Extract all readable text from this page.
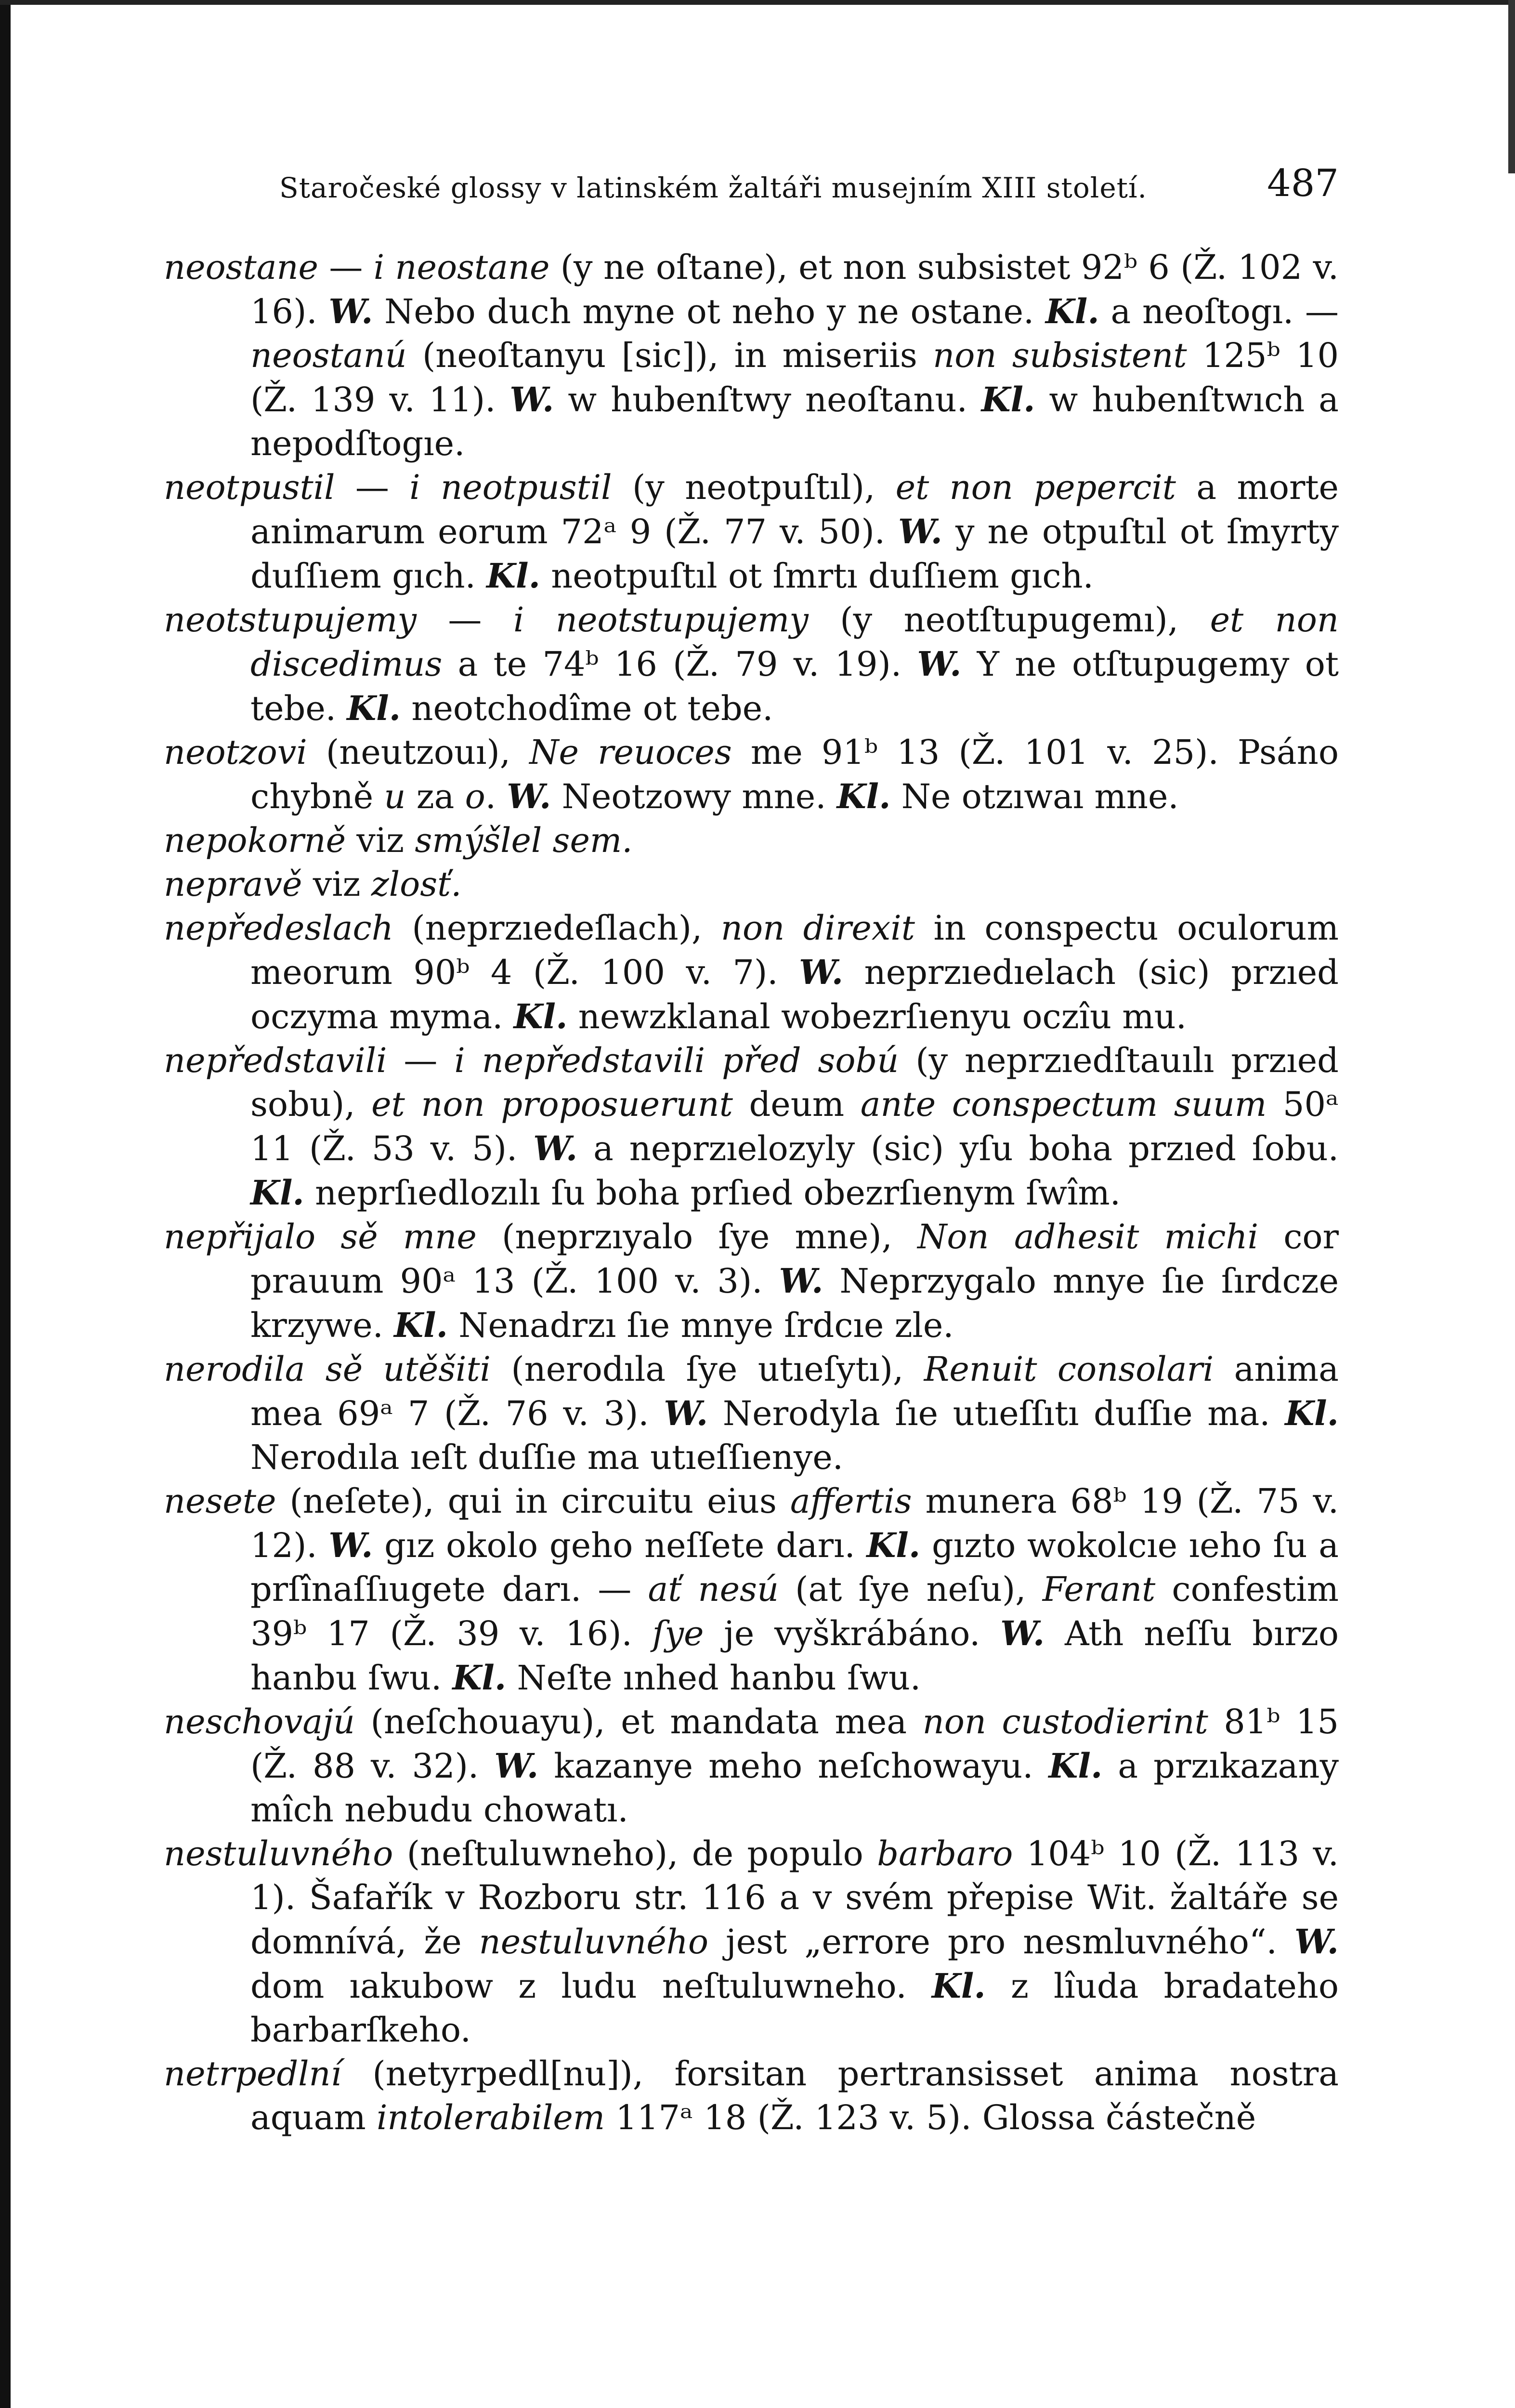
Staročeské glossy v latinském žaltáři musejním XIII století.	487

neostane — i neostane (y ne oſtane), et non subsistet 92ᵇ 6 (Ž. 102 v. 16). W. Nebo duch myne ot neho y ne ostane. Kl. a neoſtogı. — neostanú (neoſtanyu [sic]), in miseriis non subsistent 125ᵇ 10 (Ž. 139 v. 11). W. w hubenſtwy neoſtanu. Kl. w hubenſtwıch a nepodſtogıe.

neotpustil — i neotpustil (y neotpuſtıl), et non pepercit a morte animarum eorum 72ᵃ 9 (Ž. 77 v. 50). W. y ne otpuſtıl ot ſmyrty duſſıem gıch. Kl. neotpuſtıl ot ſmrtı duſſıem gıch.

neotstupujemy — i neotstupujemy (y neotſtupugemı), et non discedimus a te 74ᵇ 16 (Ž. 79 v. 19). W. Y ne otſtupugemy ot tebe. Kl. neotchodîme ot tebe.

neotzovi (neutzouı), Ne reuoces me 91ᵇ 13 (Ž. 101 v. 25). Psáno chybně u za o. W. Neotzowy mne. Kl. Ne otzıwaı mne.

nepokorně viz smýšlel sem.

nepravě viz zlosť.

nepředeslach (neprzıedeſlach), non direxit in conspectu oculorum meorum 90ᵇ 4 (Ž. 100 v. 7). W. neprzıedıelach (sic) przıed oczyma myma. Kl. newzklanal wobezrſıenyu oczîu mu.

nepředstavili — i nepředstavili před sobú (y neprzıedſtauılı przıed sobu), et non proposuerunt deum ante conspectum suum 50ᵃ 11 (Ž. 53 v. 5). W. a neprzıelozyly (sic) yſu boha przıed ſobu. Kl. neprſıedlozılı ſu boha prſıed obezrſıenym ſwîm.

nepřijalo sě mne (neprzıyalo ſye mne), Non adhesit michi cor prauum 90ᵃ 13 (Ž. 100 v. 3). W. Neprzygalo mnye ſıe ſırdcze krzywe. Kl. Nenadrzı ſıe mnye ſrdcıe zle.

nerodila sě utěšiti (nerodıla ſye utıeſytı), Renuit consolari anima mea 69ᵃ 7 (Ž. 76 v. 3). W. Nerodyla ſıe utıeſſıtı duſſıe ma. Kl. Nerodıla ıeſt duſſıe ma utıeſſıenye.

nesete (neſete), qui in circuitu eius affertis munera 68ᵇ 19 (Ž. 75 v. 12). W. gız okolo geho neſſete darı. Kl. gızto wokolcıe ıeho ſu a prſînaſſıugete darı. — ať nesú (at ſye neſu), Ferant confestim 39ᵇ 17 (Ž. 39 v. 16). ſye je vyškrábáno. W. Ath neſſu bırzo hanbu ſwu. Kl. Neſte ınhed hanbu ſwu.

neschovajú (neſchouayu), et mandata mea non custodierint 81ᵇ 15 (Ž. 88 v. 32). W. kazanye meho neſchowayu. Kl. a przıkazany mîch nebudu chowatı.

nestuluvného (neſtuluwneho), de populo barbaro 104ᵇ 10 (Ž. 113 v. 1). Šafařík v Rozboru str. 116 a v svém přepise Wit. žaltáře se domnívá, že nestuluvného jest „errore pro nesmluvného“. W. dom ıakubow z ludu neſtuluwneho. Kl. z lîuda bradateho barbarſkeho.

netrpedlní (netyrpedl[nu]), forsitan pertransisset anima nostra aquam intolerabilem 117ᵃ 18 (Ž. 123 v. 5). Glossa částečně
